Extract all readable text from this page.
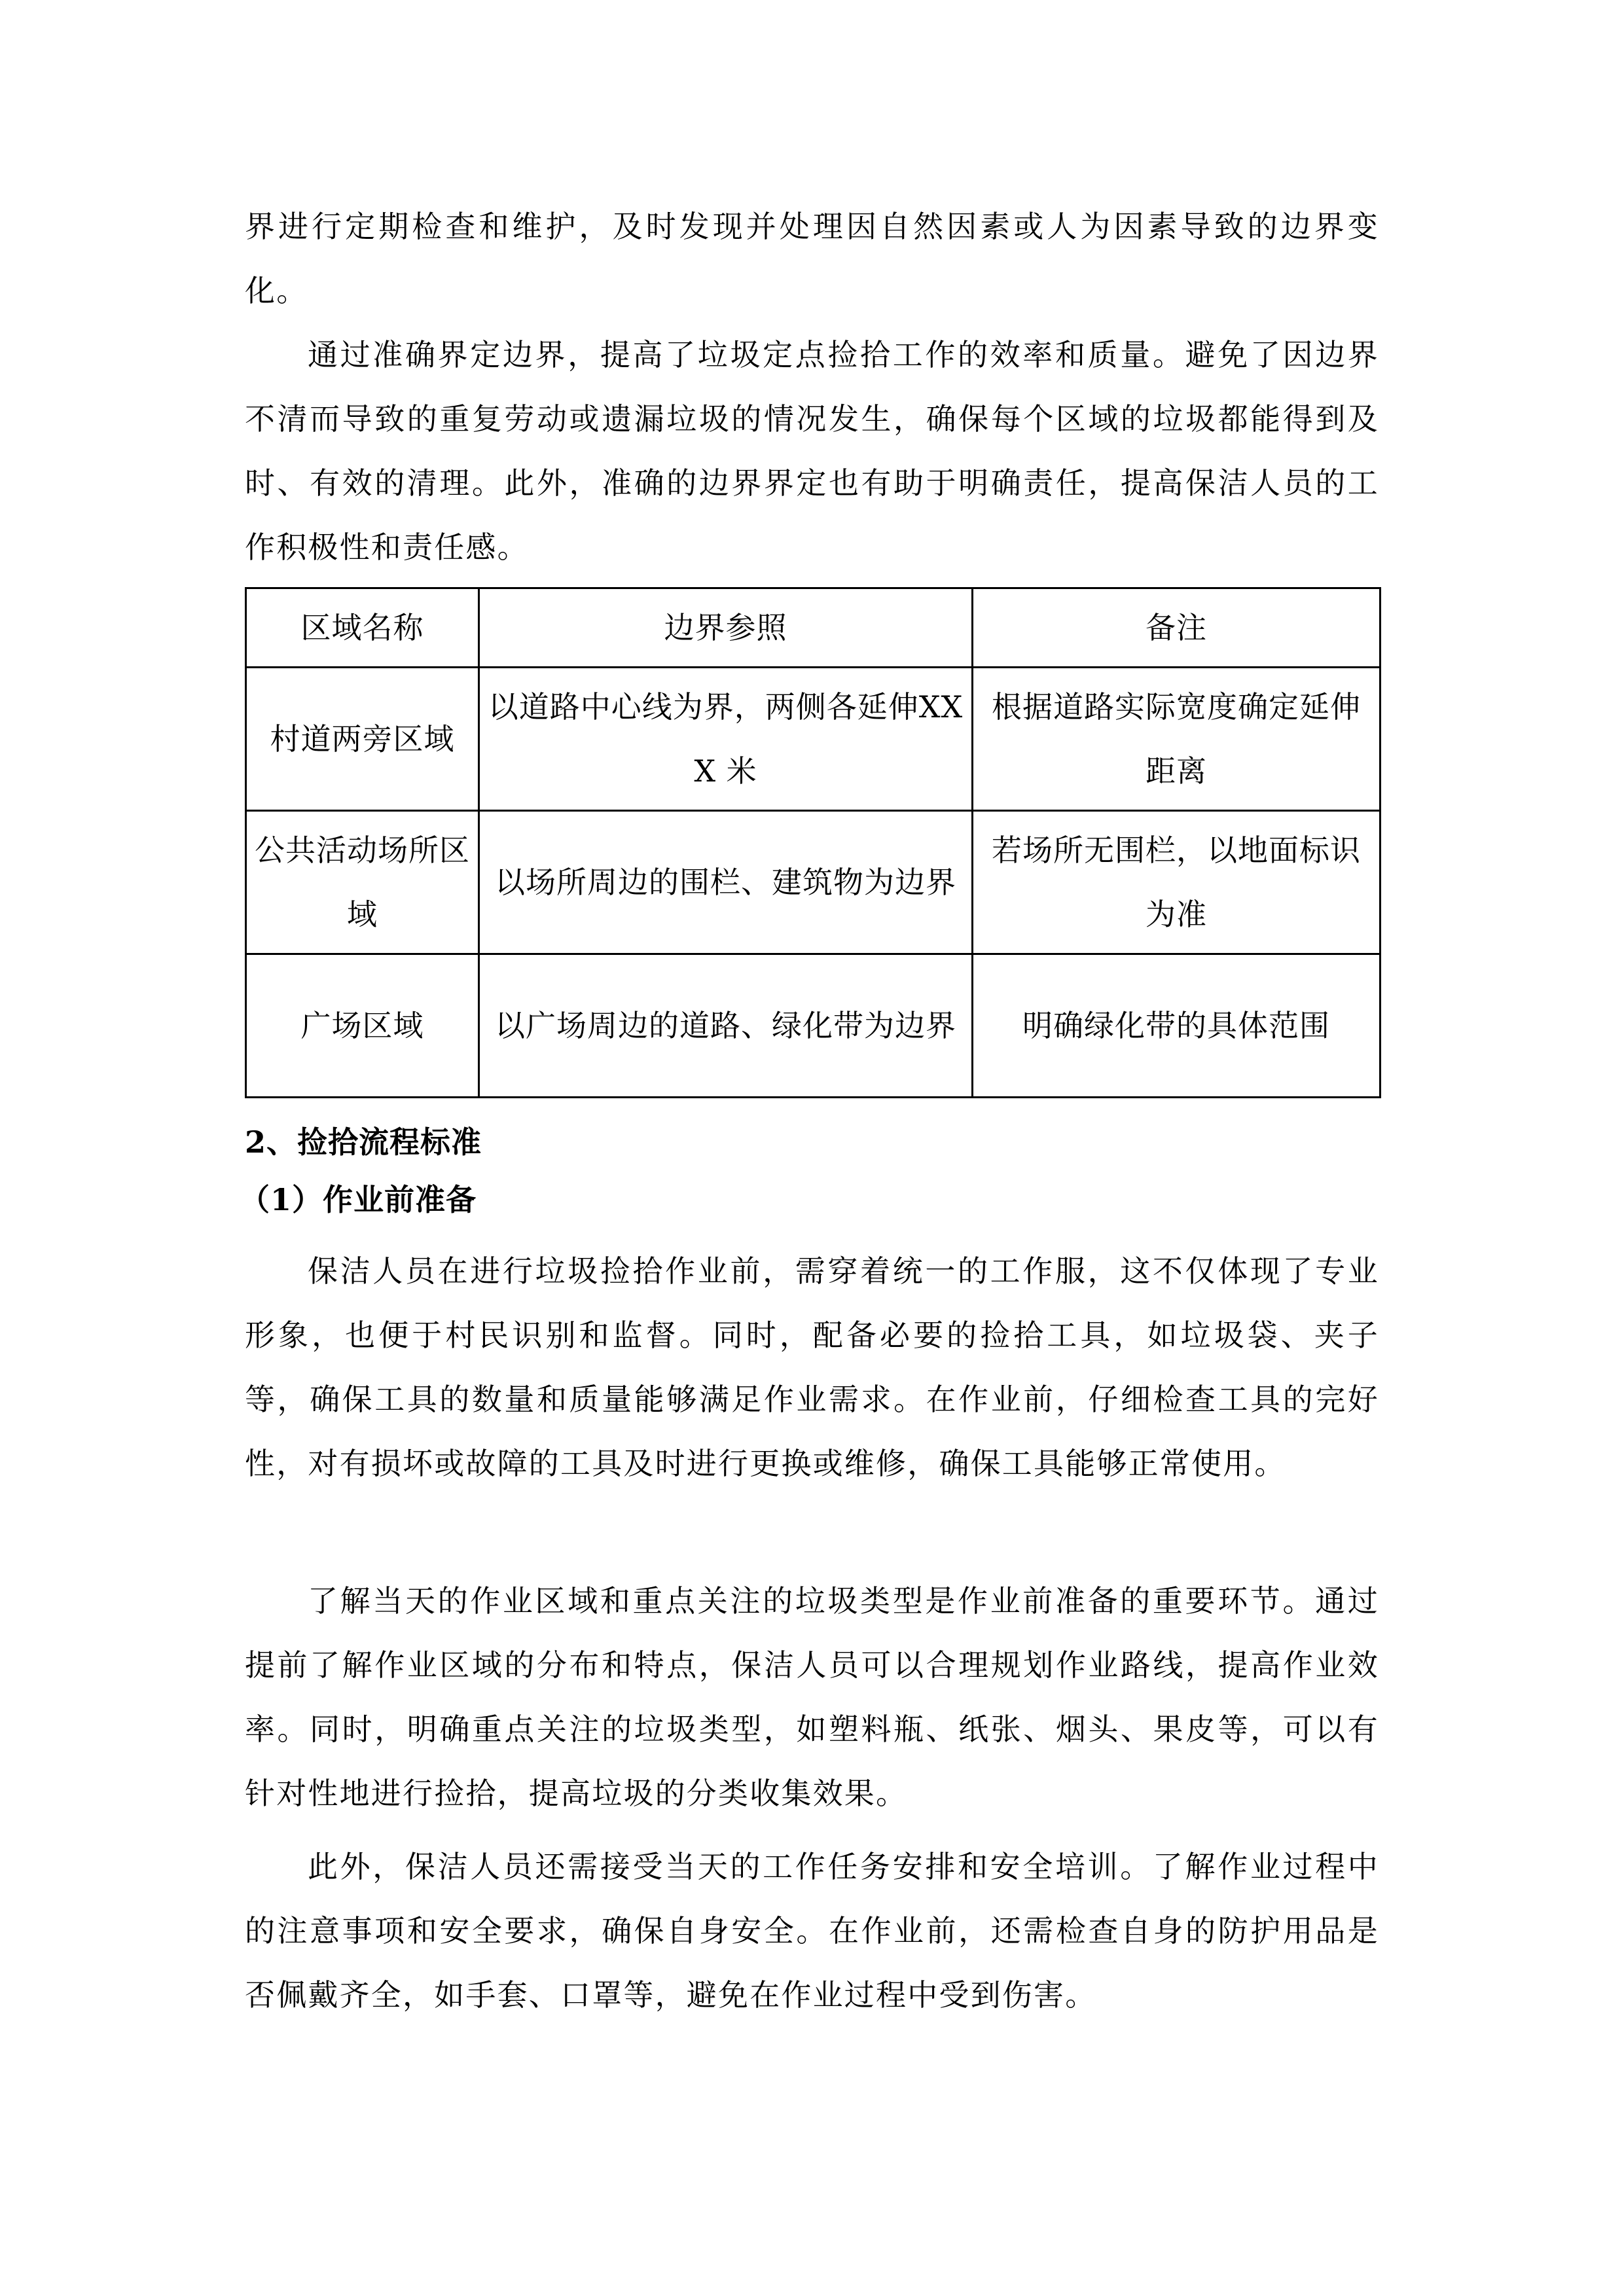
界进行定期检查和维护，及时发现并处理因自然因素或人为因素导致的边界变化。

通过准确界定边界，提高了垃圾定点捡拾工作的效率和质量。避免了因边界不清而导致的重复劳动或遗漏垃圾的情况发生，确保每个区域的垃圾都能得到及时、有效的清理。此外，准确的边界界定也有助于明确责任，提高保洁人员的工作积极性和责任感。

区域名称	边界参照	备注
村道两旁区域	以道路中心线为界，两侧各延伸XXX 米	根据道路实际宽度确定延伸距离
公共活动场所区域	以场所周边的围栏、建筑物为边界	若场所无围栏，以地面标识为准
广场区域	以广场周边的道路、绿化带为边界	明确绿化带的具体范围
2、捡拾流程标准
（1）作业前准备

保洁人员在进行垃圾捡拾作业前，需穿着统一的工作服，这不仅体现了专业形象，也便于村民识别和监督。同时，配备必要的捡拾工具，如垃圾袋、夹子等，确保工具的数量和质量能够满足作业需求。在作业前，仔细检查工具的完好性，对有损坏或故障的工具及时进行更换或维修，确保工具能够正常使用。

了解当天的作业区域和重点关注的垃圾类型是作业前准备的重要环节。通过提前了解作业区域的分布和特点，保洁人员可以合理规划作业路线，提高作业效率。同时，明确重点关注的垃圾类型，如塑料瓶、纸张、烟头、果皮等，可以有针对性地进行捡拾，提高垃圾的分类收集效果。

此外，保洁人员还需接受当天的工作任务安排和安全培训。了解作业过程中的注意事项和安全要求，确保自身安全。在作业前，还需检查自身的防护用品是否佩戴齐全，如手套、口罩等，避免在作业过程中受到伤害。
